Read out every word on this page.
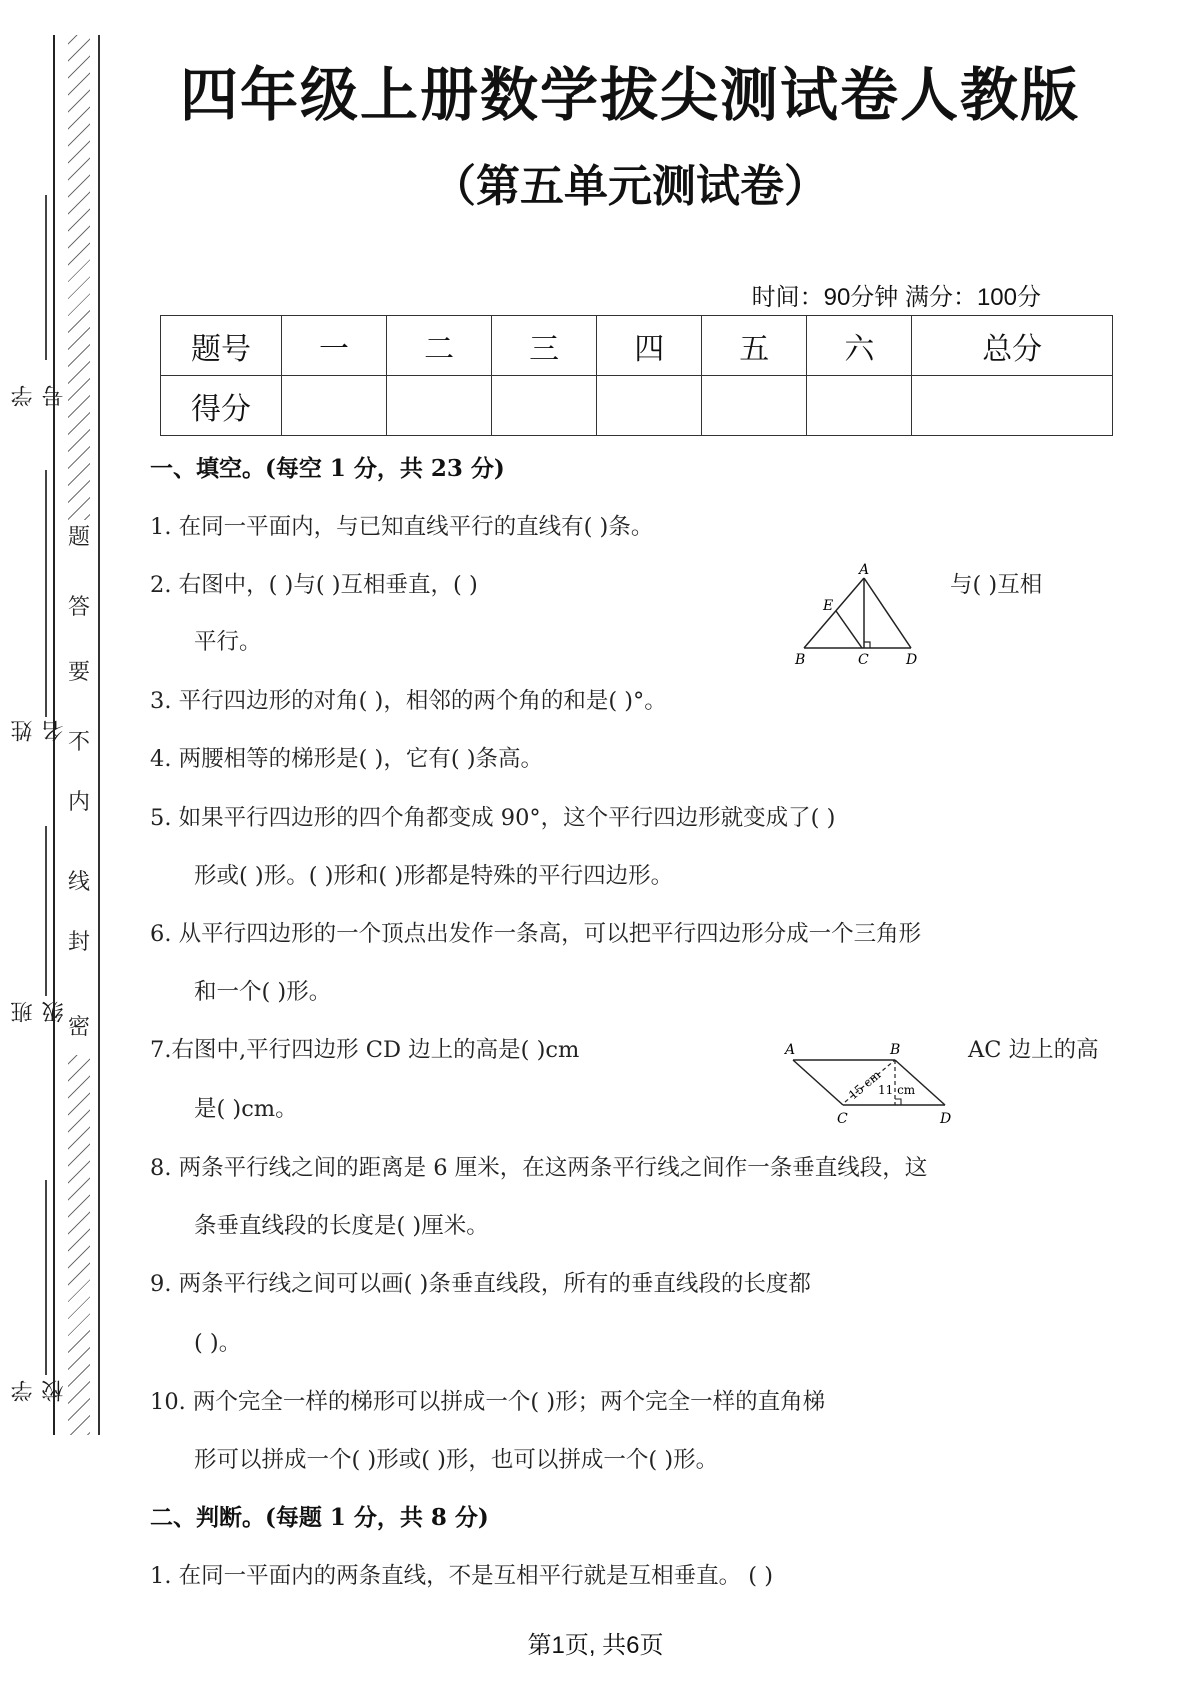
题
答
要
不
内
线
封
密
学号
姓名
班级
学校
四年级上册数学拔尖测试卷人教版
（第五单元测试卷）
时间：90分钟 满分：100分
题号	一	二	三	四	五	六	总分
得分							
一、填空。(每空 1 分，共 23 分)
1. 在同一平面内，与已知直线平行的直线有( )条。
2. 右图中，( )与( )互相垂直，( )	与( )互相
平行。
A
E
B	C	D
3. 平行四边形的对角( )，相邻的两个角的和是( )°。
4. 两腰相等的梯形是( )，它有( )条高。
5. 如果平行四边形的四个角都变成 90°，这个平行四边形就变成了( )
形或( )形。( )形和( )形都是特殊的平行四边形。
6. 从平行四边形的一个顶点出发作一条高，可以把平行四边形分成一个三角形
和一个( )形。
7.右图中,平行四边形 CD 边上的高是( )cm	AC 边上的高
是( )cm。
A	B
C	D
15 cm
11 cm
8. 两条平行线之间的距离是 6 厘米，在这两条平行线之间作一条垂直线段，这
条垂直线段的长度是( )厘米。
9. 两条平行线之间可以画( )条垂直线段，所有的垂直线段的长度都
( )。
10. 两个完全一样的梯形可以拼成一个( )形；两个完全一样的直角梯
形可以拼成一个( )形或( )形，也可以拼成一个( )形。
二、判断。(每题 1 分，共 8 分)
1. 在同一平面内的两条直线，不是互相平行就是互相垂直。 ( )
第1页, 共6页
